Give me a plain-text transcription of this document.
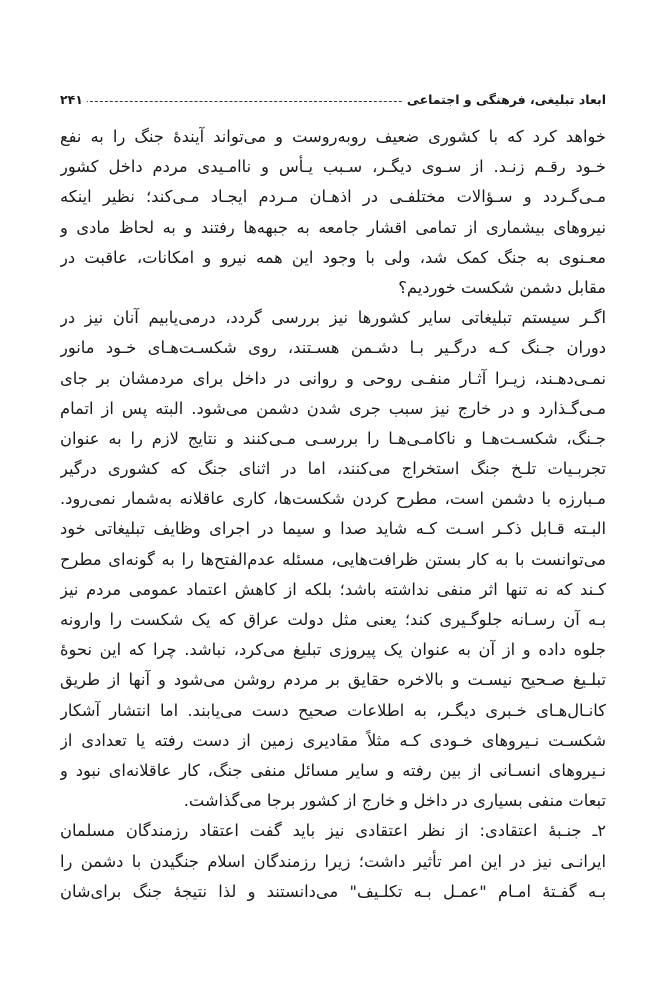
ابعاد تبلیغی، فرهنگی و اجتماعی
۲۴۱
خواهد کرد که با کشوری ضعیف روبه‌روست و می‌تواند آیندهٔ جنگ را به نفع
خـود رقـم زنـد. از سـوی دیگـر، سـبب یـأس و ناامـیدی مردم داخل کشور
مـی‌گـردد و سـؤالات مختلفـی در اذهـان مـردم ایجـاد مـی‌کند؛ نظیر اینکه
نیروهای بیشماری از تمامی اقشار جامعه به جبهه‌ها رفتند و به لحاظ مادی و
معـنوی به جنگ کمک شد، ولی با وجود این همه نیرو و امکانات، عاقبت در
مقابل دشمن شکست خوردیم؟
اگـر سیستم تبلیغاتی سایر کشورها نیز بررسی گردد، درمی‌یابیم آنان نیز در
دوران جـنگ کـه درگـیر بـا دشـمن هسـتند، روی شکسـت‌هـای خـود مانور
نمـی‌دهـند، زیـرا آثـار منفـی روحی و روانی در داخل برای مردمشان بر جای
مـی‌گـذارد و در خارج نیز سبب جری شدن دشمن می‌شود. البته پس از اتمام
جـنگ، شکسـت‌هـا و ناکامـی‌هـا را بررسـی مـی‌کنند و نتایج لازم را به عنوان
تجربـیات تلـخ جنگ استخراج می‌کنند، اما در اثنای جنگ که کشوری درگیر
مـبارزه با دشمن است، مطرح کردن شکست‌ها، کاری عاقلانه به‌شمار نمی‌رود.
البـته قـابل ذکـر اسـت کـه شاید صدا و سیما در اجرای وظایف تبلیغاتی خود
می‌توانست با به کار بستن ظرافت‌هایی، مسئله عدم‌الفتح‌ها را به گونه‌ای مطرح
کـند که نه تنها اثر منفی نداشته باشد؛ بلکه از کاهش اعتماد عمومی مردم نیز
بـه آن رسـانه جلوگـیری کند؛ یعنی مثل دولت عراق که یک شکست را وارونه
جلوه داده و از آن به عنوان یک پیروزی تبلیغ می‌کرد، نباشد. چرا که این نحوهٔ
تبلـیغ صـحیح نیسـت و بالاخره حقایق بر مردم روشن می‌شود و آنها از طریق
کانـال‌هـای خـبری دیگـر، به اطلاعات صحیح دست می‌یابند. اما انتشار آشکار
شکسـت نـیروهای خـودی کـه مثلاً مقادیری زمین از دست رفته یا تعدادی از
نـیروهای انسـانی از بین رفته و سایر مسائل منفی جنگ، کار عاقلانه‌ای نبود و
تبعات منفی بسیاری در داخل و خارج از کشور برجا می‌گذاشت.
۲ـ جنـبهٔ اعتقادی: از نظر اعتقادی نیز باید گفت اعتقاد رزمندگان مسلمان
ایرانـی نیز در این امر تأثیر داشت؛ زیرا رزمندگان اسلام جنگیدن با دشمن را
بـه گفـتهٔ امـام "عمـل بـه تکلـیف" می‌دانستند و لذا نتیجهٔ جنگ برای‌شان
